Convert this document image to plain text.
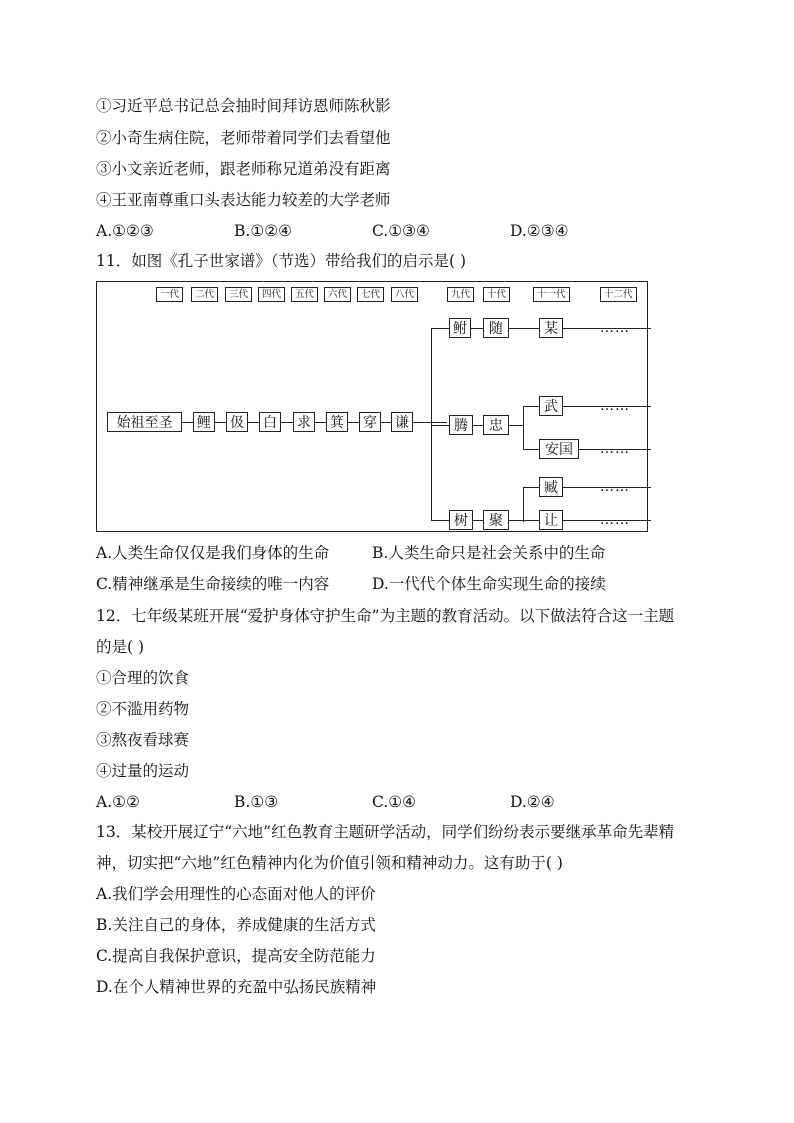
①习近平总书记总会抽时间拜访恩师陈秋影
②小奇生病住院，老师带着同学们去看望他
③小文亲近老师，跟老师称兄道弟没有距离
④王亚南尊重口头表达能力较差的大学老师
A.①②③	B.①②④	C.①③④	D.②③④
11．如图《孔子世家谱》（节选）带给我们的启示是( )
一代	二代	三代	四代	五代	六代	七代	八代	九代	十代	十一代	十二代
始祖至圣	鲤 伋 白 求 箕 穿 谦
鲋	随	某	……
腾	忠
武
安国
……
……
树	聚
臧
让
……
……
A.人类生命仅仅是我们身体的生命	B.人类生命只是社会关系中的生命
C.精神继承是生命接续的唯一内容	D.一代代个体生命实现生命的接续
12．七年级某班开展“爱护身体守护生命”为主题的教育活动。以下做法符合这一主题
的是( )
①合理的饮食
②不滥用药物
③熬夜看球赛
④过量的运动
A.①②	B.①③	C.①④	D.②④
13．某校开展辽宁“六地”红色教育主题研学活动，同学们纷纷表示要继承革命先辈精
神，切实把“六地”红色精神内化为价值引领和精神动力。这有助于( )
A.我们学会用理性的心态面对他人的评价
B.关注自己的身体，养成健康的生活方式
C.提高自我保护意识，提高安全防范能力
D.在个人精神世界的充盈中弘扬民族精神
